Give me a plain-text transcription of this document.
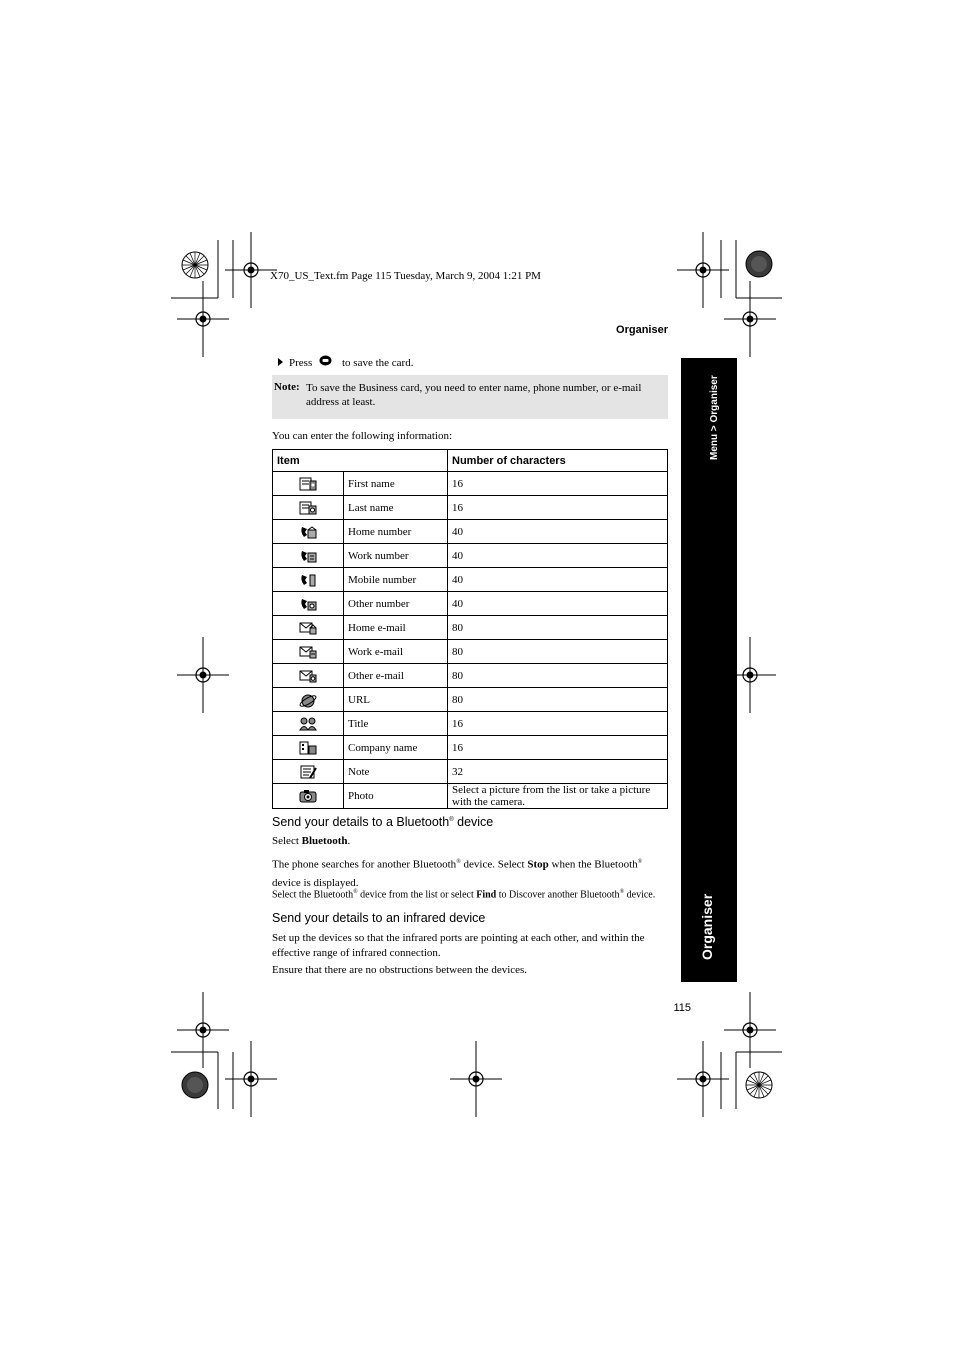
X70_US_Text.fm Page 115 Tuesday, March 9, 2004 1:21 PM
Organiser
Menu > Organiser
Organiser
Press	to save the card.
Note: To save the Business card, you need to enter name, phone number, or e-mail address at least.
You can enter the following information:
Item		Number of characters
	First name	16
	Last name	16
	Home number	40
	Work number	40
	Mobile number	40
	Other number	40
	Home e-mail	80
	Work e-mail	80
	Other e-mail	80
	URL	80
	Title	16
	Company name	16
	Note	32
	Photo	Select a picture from the list or take a picture with the camera.
Send your details to a Bluetooth® device
Select Bluetooth.
The phone searches for another Bluetooth® device. Select Stop when the Bluetooth®
device is displayed.
Select the Bluetooth® device from the list or select Find to Discover another Bluetooth® device.
Send your details to an infrared device
Set up the devices so that the infrared ports are pointing at each other, and within the effective range of infrared connection.
Ensure that there are no obstructions between the devices.
115
